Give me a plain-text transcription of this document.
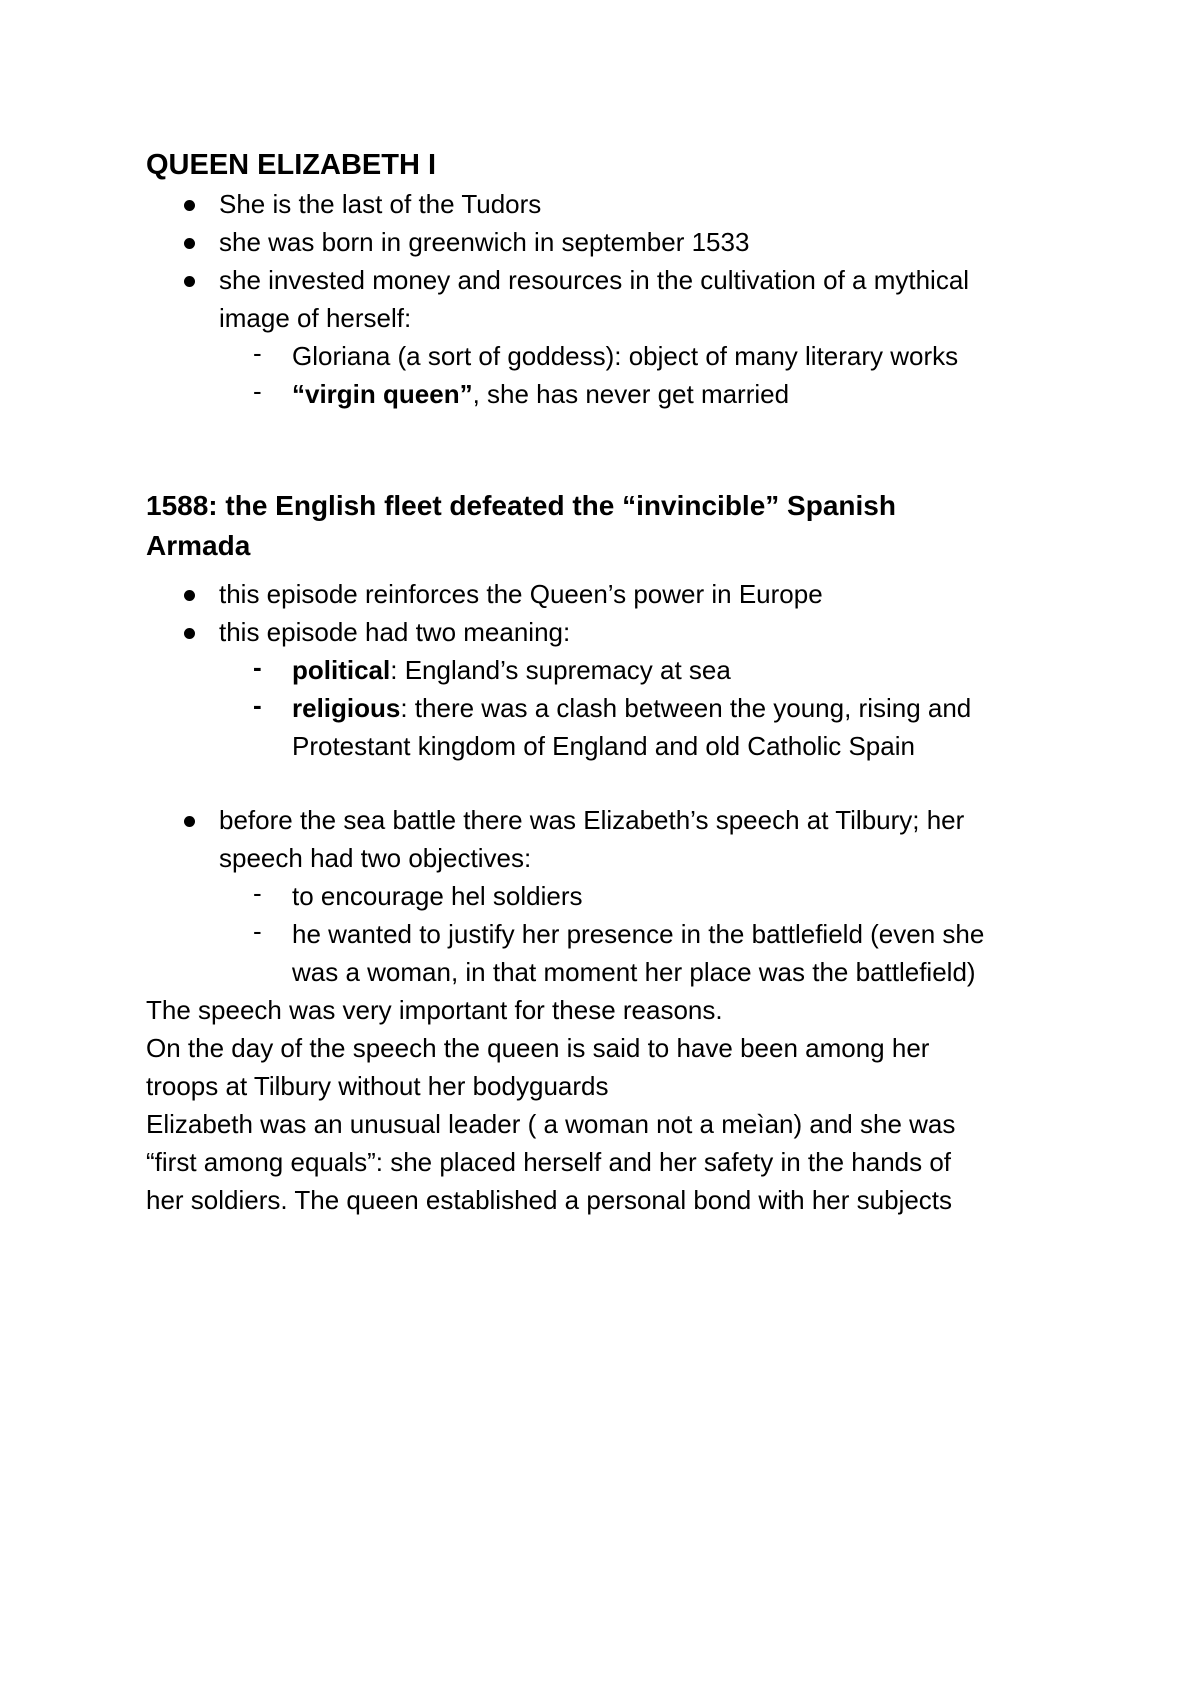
QUEEN ELIZABETH I
She is the last of the Tudors
she was born in greenwich in september 1533
she invested money and resources in the cultivation of a mythical
image of herself:
- Gloriana (a sort of goddess): object of many literary works
- “virgin queen”, she has never get married
1588: the English fleet defeated the “invincible” Spanish
Armada
this episode reinforces the Queen’s power in Europe
this episode had two meaning:
- political: England’s supremacy at sea
- religious: there was a clash between the young, rising and
Protestant kingdom of England and old Catholic Spain
before the sea battle there was Elizabeth’s speech at Tilbury; her
speech had two objectives:
- to encourage hel soldiers
- he wanted to justify her presence in the battlefield (even she
was a woman, in that moment her place was the battlefield)
The speech was very important for these reasons.
On the day of the speech the queen is said to have been among her
troops at Tilbury without her bodyguards
Elizabeth was an unusual leader ( a woman not a meìan) and she was
“first among equals”: she placed herself and her safety in the hands of
her soldiers. The queen established a personal bond with her subjects
